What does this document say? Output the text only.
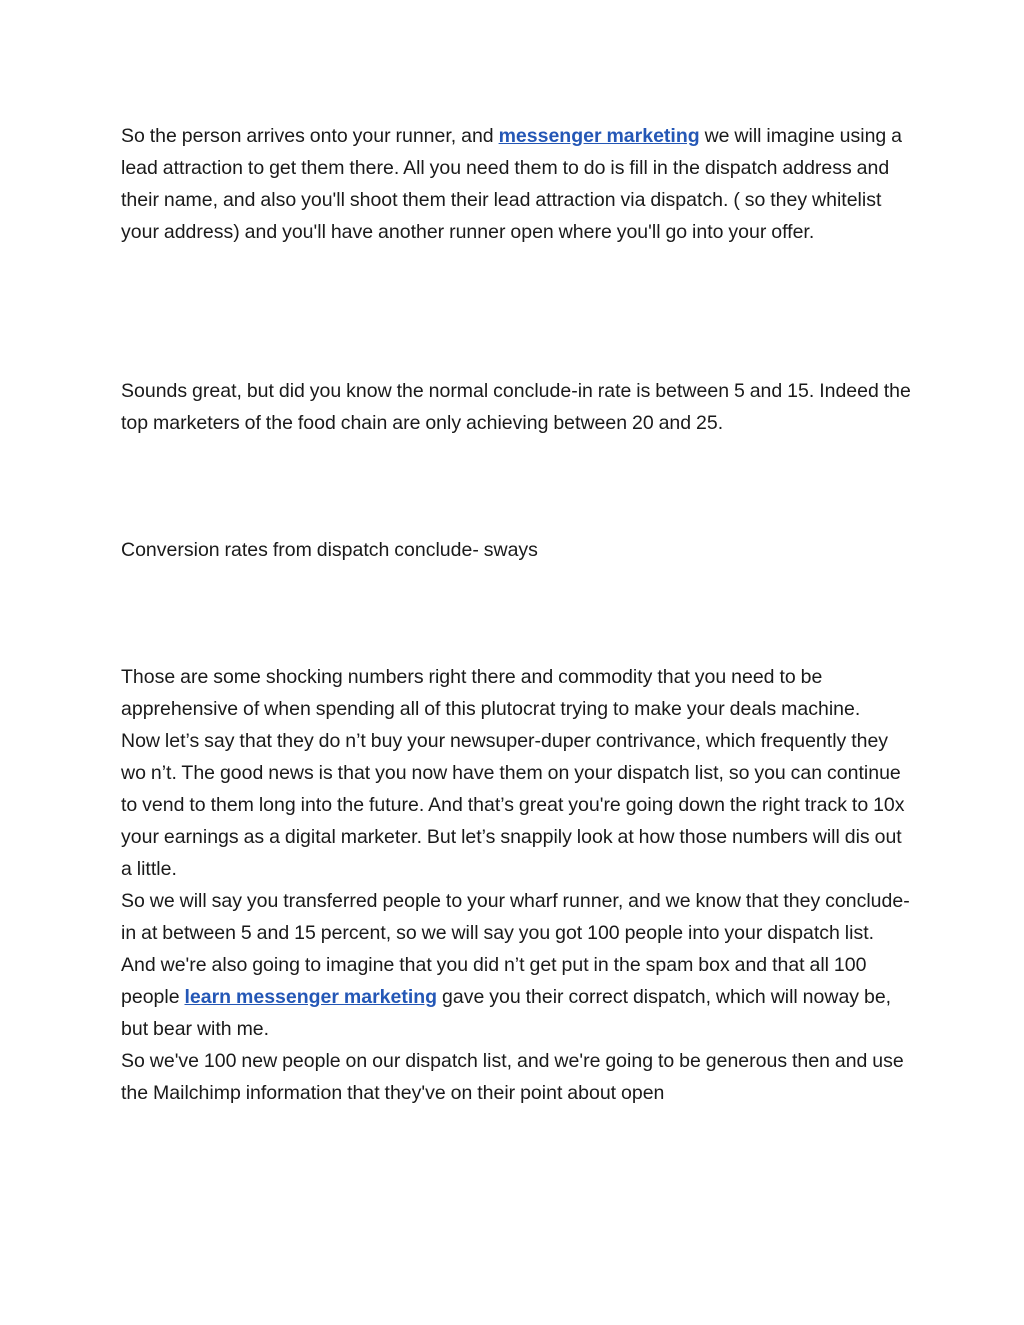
So the person arrives onto your runner, and messenger marketing we will imagine using a lead attraction to get them there. All you need them to do is fill in the dispatch address and their name, and also you'll shoot them their lead attraction via dispatch. ( so they whitelist your address) and you'll have another runner open where you'll go into your offer.

Sounds great, but did you know the normal conclude-in rate is between 5 and 15. Indeed the top marketers of the food chain are only achieving between 20 and 25.

Conversion rates from dispatch conclude- sways

Those are some shocking numbers right there and commodity that you need to be apprehensive of when spending all of this plutocrat trying to make your deals machine.

Now let’s say that they do n’t buy your newsuper-duper contrivance, which frequently they wo n’t. The good news is that you now have them on your dispatch list, so you can continue to vend to them long into the future. And that’s great you're going down the right track to 10x your earnings as a digital marketer. But let’s snappily look at how those numbers will dis out a little.

So we will say you transferred people to your wharf runner, and we know that they conclude-in at between 5 and 15 percent, so we will say you got 100 people into your dispatch list. And we're also going to imagine that you did n’t get put in the spam box and that all 100 people learn messenger marketing gave you their correct dispatch, which will noway be, but bear with me.

So we've 100 new people on our dispatch list, and we're going to be generous then and use the Mailchimp information that they've on their point about open
